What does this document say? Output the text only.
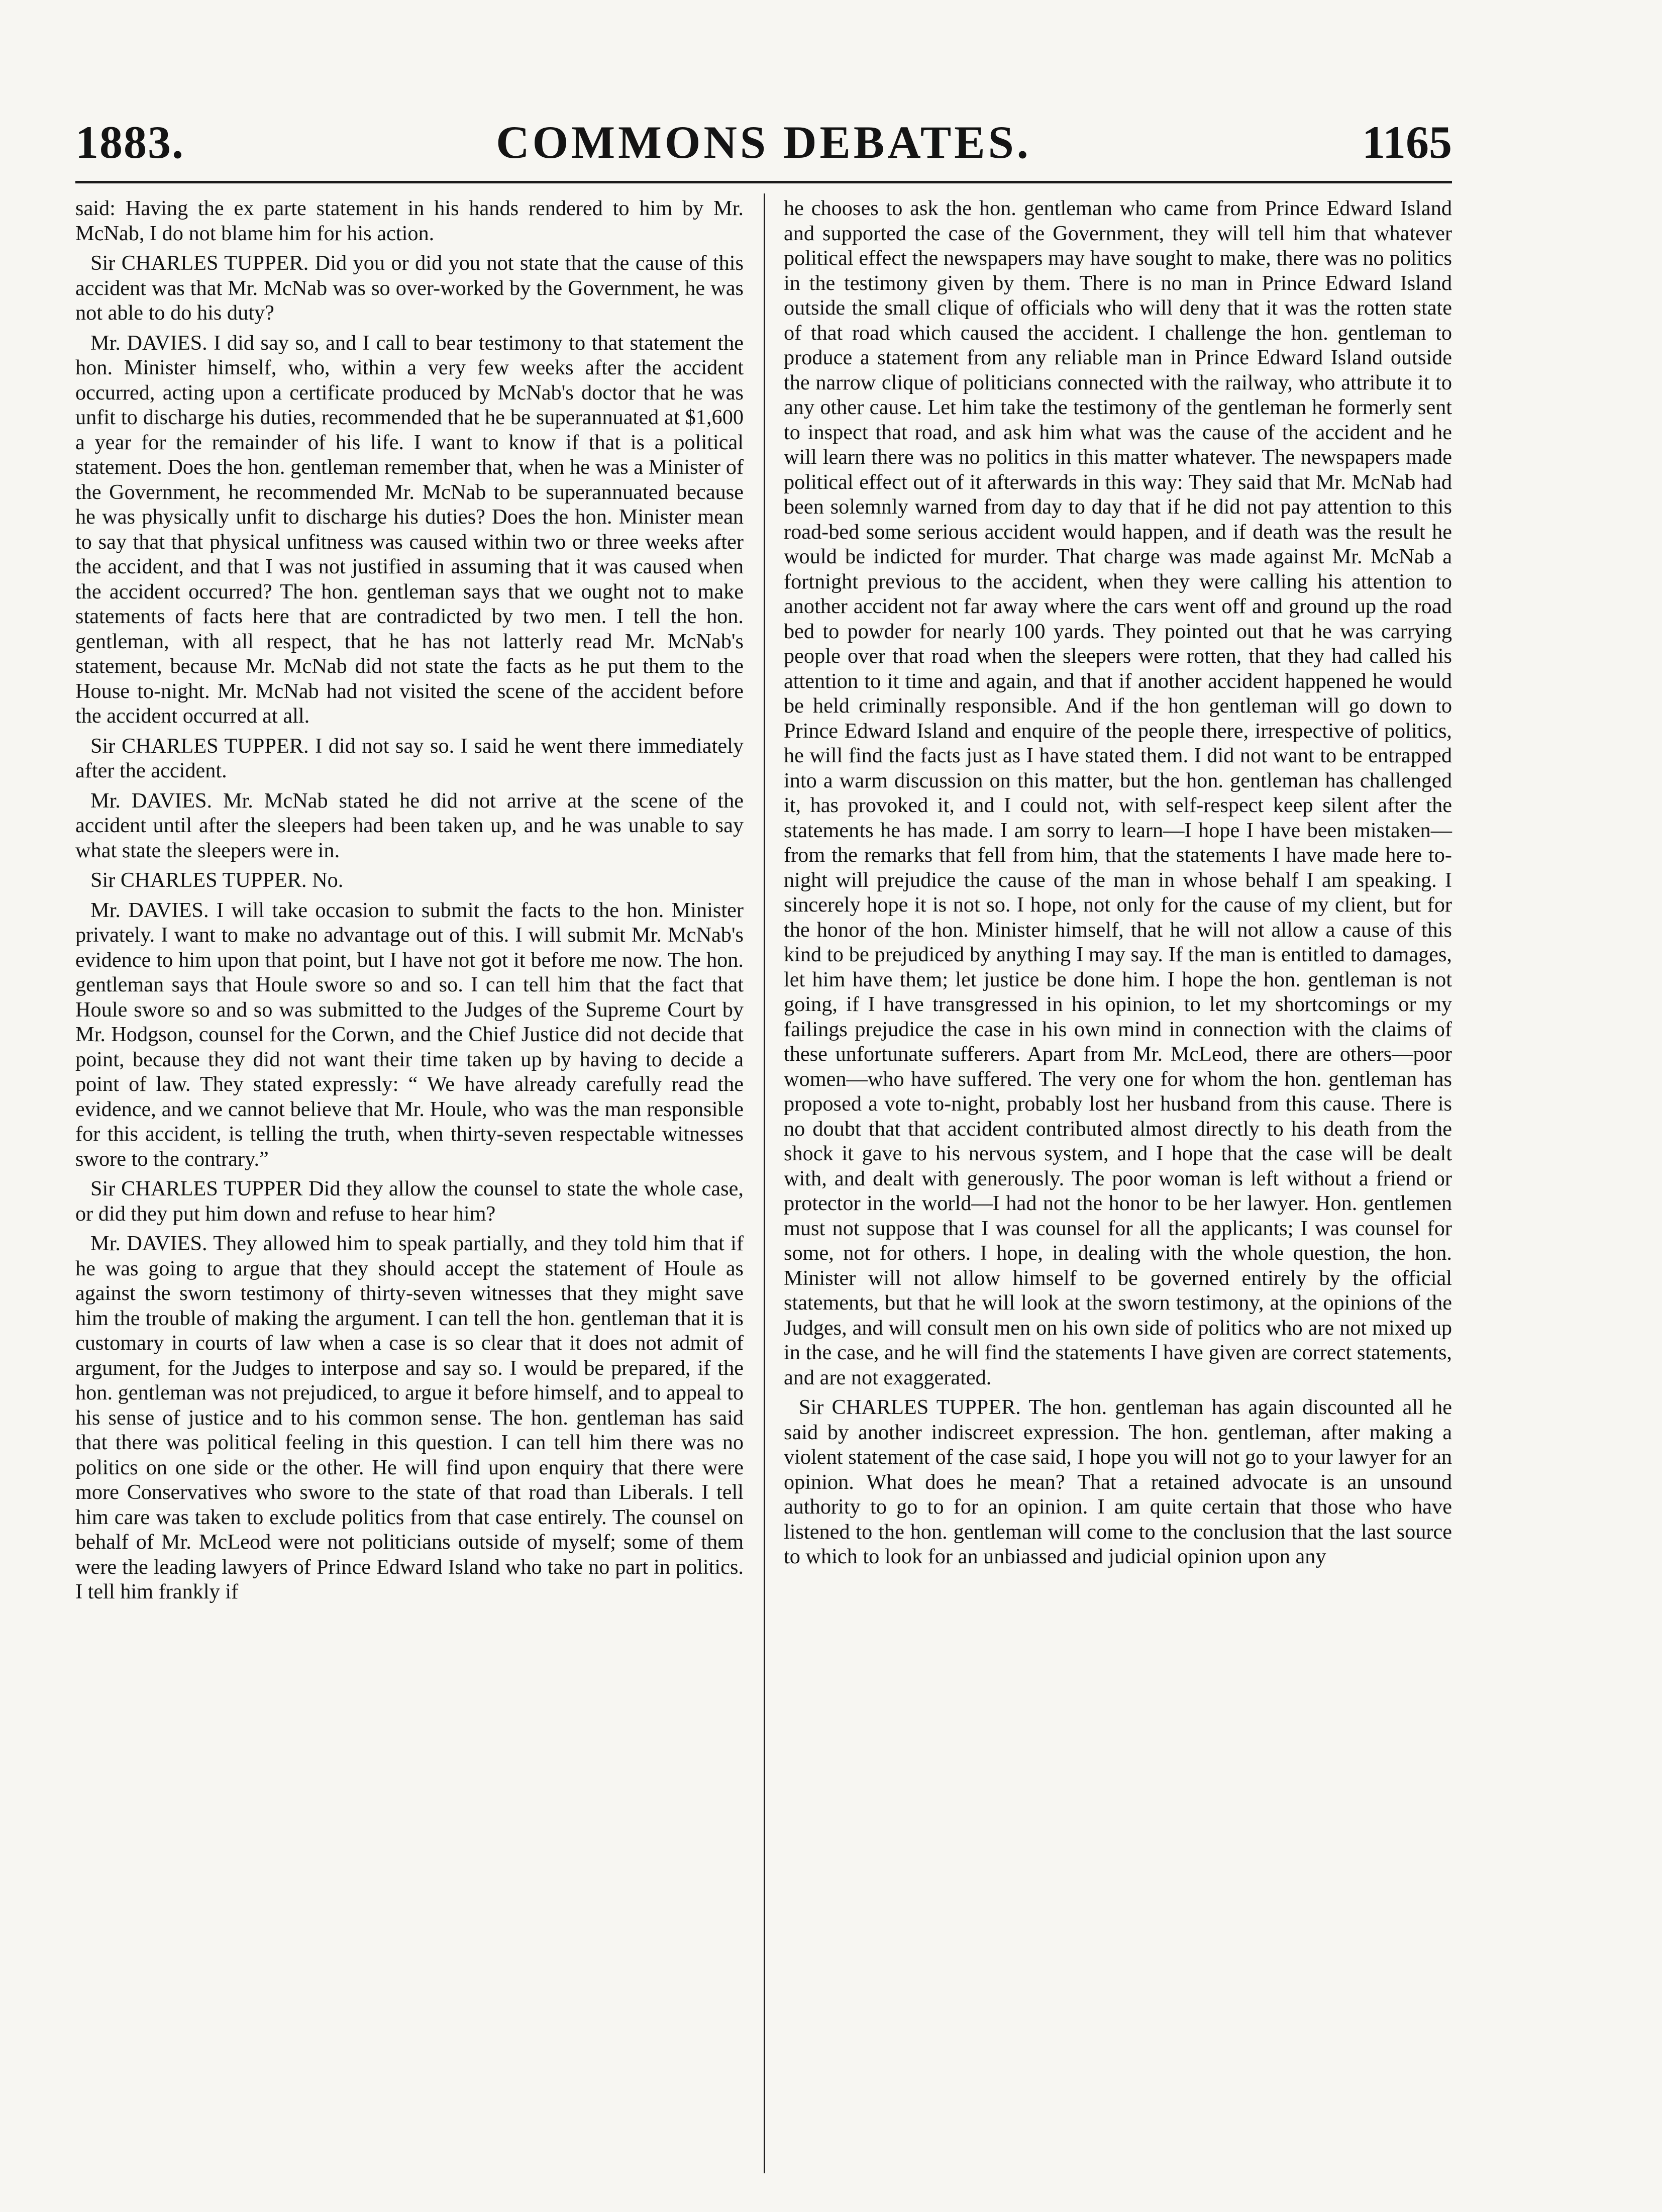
1883.	COMMONS DEBATES.	1165

said: Having the ex parte statement in his hands rendered to him by Mr. McNab, I do not blame him for his action.

Sir CHARLES TUPPER. Did you or did you not state that the cause of this accident was that Mr. McNab was so over-worked by the Government, he was not able to do his duty?

Mr. DAVIES. I did say so, and I call to bear testimony to that statement the hon. Minister himself, who, within a very few weeks after the accident occurred, acting upon a certificate produced by McNab's doctor that he was unfit to discharge his duties, recommended that he be superannuated at $1,600 a year for the remainder of his life. I want to know if that is a political statement. Does the hon. gentleman remember that, when he was a Minister of the Government, he recommended Mr. McNab to be superannuated because he was physically unfit to discharge his duties? Does the hon. Minister mean to say that that physical unfitness was caused within two or three weeks after the accident, and that I was not justified in assuming that it was caused when the accident occurred? The hon. gentleman says that we ought not to make statements of facts here that are contradicted by two men. I tell the hon. gentleman, with all respect, that he has not latterly read Mr. McNab's statement, because Mr. McNab did not state the facts as he put them to the House to-night. Mr. McNab had not visited the scene of the accident before the accident occurred at all.

Sir CHARLES TUPPER. I did not say so. I said he went there immediately after the accident.

Mr. DAVIES. Mr. McNab stated he did not arrive at the scene of the accident until after the sleepers had been taken up, and he was unable to say what state the sleepers were in.

Sir CHARLES TUPPER. No.

Mr. DAVIES. I will take occasion to submit the facts to the hon. Minister privately. I want to make no advantage out of this. I will submit Mr. McNab's evidence to him upon that point, but I have not got it before me now. The hon. gentleman says that Houle swore so and so. I can tell him that the fact that Houle swore so and so was submitted to the Judges of the Supreme Court by Mr. Hodgson, counsel for the Corwn, and the Chief Justice did not decide that point, because they did not want their time taken up by having to decide a point of law. They stated expressly: “ We have already carefully read the evidence, and we cannot believe that Mr. Houle, who was the man responsible for this accident, is telling the truth, when thirty-seven respectable witnesses swore to the contrary.”

Sir CHARLES TUPPER Did they allow the counsel to state the whole case, or did they put him down and refuse to hear him?

Mr. DAVIES. They allowed him to speak partially, and they told him that if he was going to argue that they should accept the statement of Houle as against the sworn testimony of thirty-seven witnesses that they might save him the trouble of making the argument. I can tell the hon. gentleman that it is customary in courts of law when a case is so clear that it does not admit of argument, for the Judges to interpose and say so. I would be prepared, if the hon. gentleman was not prejudiced, to argue it before himself, and to appeal to his sense of justice and to his common sense. The hon. gentleman has said that there was political feeling in this question. I can tell him there was no politics on one side or the other. He will find upon enquiry that there were more Conservatives who swore to the state of that road than Liberals. I tell him care was taken to exclude politics from that case entirely. The counsel on behalf of Mr. McLeod were not politicians outside of myself; some of them were the leading lawyers of Prince Edward Island who take no part in politics. I tell him frankly if

he chooses to ask the hon. gentleman who came from Prince Edward Island and supported the case of the Government, they will tell him that whatever political effect the newspapers may have sought to make, there was no politics in the testimony given by them. There is no man in Prince Edward Island outside the small clique of officials who will deny that it was the rotten state of that road which caused the accident. I challenge the hon. gentleman to produce a statement from any reliable man in Prince Edward Island outside the narrow clique of politicians connected with the railway, who attribute it to any other cause. Let him take the testimony of the gentleman he formerly sent to inspect that road, and ask him what was the cause of the accident and he will learn there was no politics in this matter whatever. The newspapers made political effect out of it afterwards in this way: They said that Mr. McNab had been solemnly warned from day to day that if he did not pay attention to this road-bed some serious accident would happen, and if death was the result he would be indicted for murder. That charge was made against Mr. McNab a fortnight previous to the accident, when they were calling his attention to another accident not far away where the cars went off and ground up the road bed to powder for nearly 100 yards. They pointed out that he was carrying people over that road when the sleepers were rotten, that they had called his attention to it time and again, and that if another accident happened he would be held criminally responsible. And if the hon gentleman will go down to Prince Edward Island and enquire of the people there, irrespective of politics, he will find the facts just as I have stated them. I did not want to be entrapped into a warm discussion on this matter, but the hon. gentleman has challenged it, has provoked it, and I could not, with self-respect keep silent after the statements he has made. I am sorry to learn—I hope I have been mistaken—from the remarks that fell from him, that the statements I have made here to-night will prejudice the cause of the man in whose behalf I am speaking. I sincerely hope it is not so. I hope, not only for the cause of my client, but for the honor of the hon. Minister himself, that he will not allow a cause of this kind to be prejudiced by anything I may say. If the man is entitled to damages, let him have them; let justice be done him. I hope the hon. gentleman is not going, if I have transgressed in his opinion, to let my shortcomings or my failings prejudice the case in his own mind in connection with the claims of these unfortunate sufferers. Apart from Mr. McLeod, there are others—poor women—who have suffered. The very one for whom the hon. gentleman has proposed a vote to-night, probably lost her husband from this cause. There is no doubt that that accident contributed almost directly to his death from the shock it gave to his nervous system, and I hope that the case will be dealt with, and dealt with generously. The poor woman is left without a friend or protector in the world—I had not the honor to be her lawyer. Hon. gentlemen must not suppose that I was counsel for all the applicants; I was counsel for some, not for others. I hope, in dealing with the whole question, the hon. Minister will not allow himself to be governed entirely by the official statements, but that he will look at the sworn testimony, at the opinions of the Judges, and will consult men on his own side of politics who are not mixed up in the case, and he will find the statements I have given are correct statements, and are not exaggerated.

Sir CHARLES TUPPER. The hon. gentleman has again discounted all he said by another indiscreet expression. The hon. gentleman, after making a violent statement of the case said, I hope you will not go to your lawyer for an opinion. What does he mean? That a retained advocate is an unsound authority to go to for an opinion. I am quite certain that those who have listened to the hon. gentleman will come to the conclusion that the last source to which to look for an unbiassed and judicial opinion upon any
